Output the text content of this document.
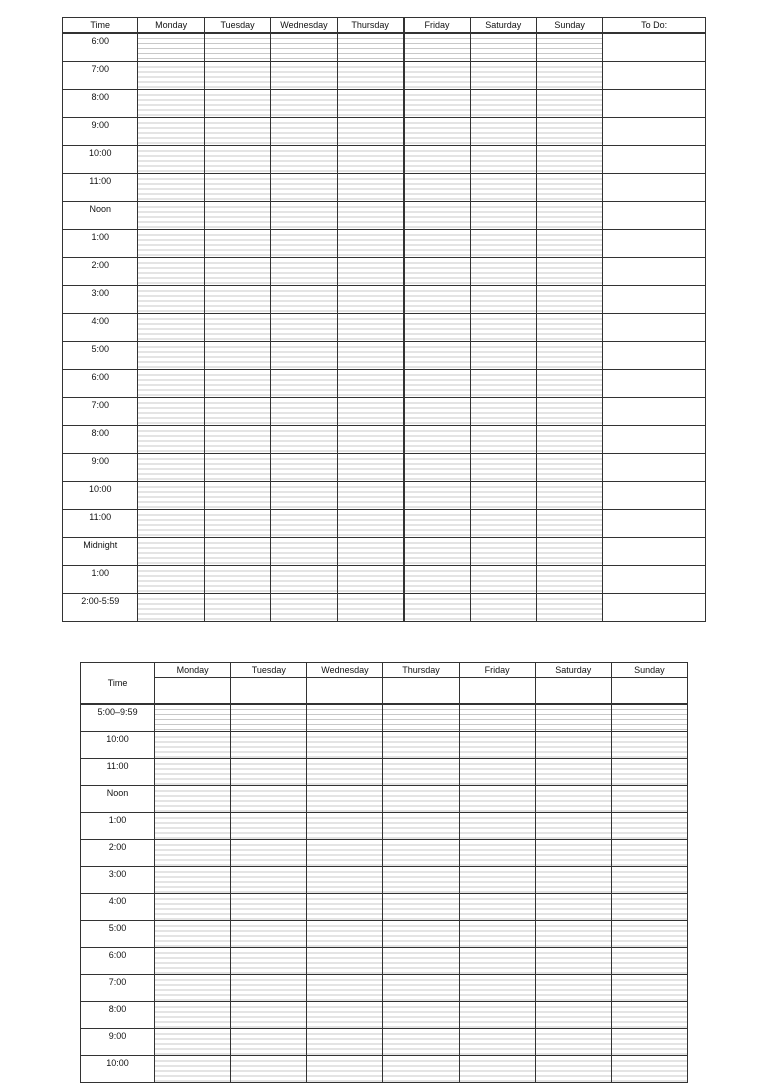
Time	Monday	Tuesday	Wednesday	Thursday	Friday	Saturday	Sunday	To Do:
6:00								
7:00								
8:00								
9:00								
10:00								
11:00								
Noon								
1:00								
2:00								
3:00								
4:00								
5:00								
6:00								
7:00								
8:00								
9:00								
10:00								
11:00								
Midnight								
1:00								
2:00-5:59								
Time	Monday	Tuesday	Wednesday	Thursday	Friday	Saturday	Sunday

5:00–9:59							
10:00							
11:00							
Noon							
1:00							
2:00							
3:00							
4:00							
5:00							
6:00							
7:00							
8:00							
9:00							
10:00							
